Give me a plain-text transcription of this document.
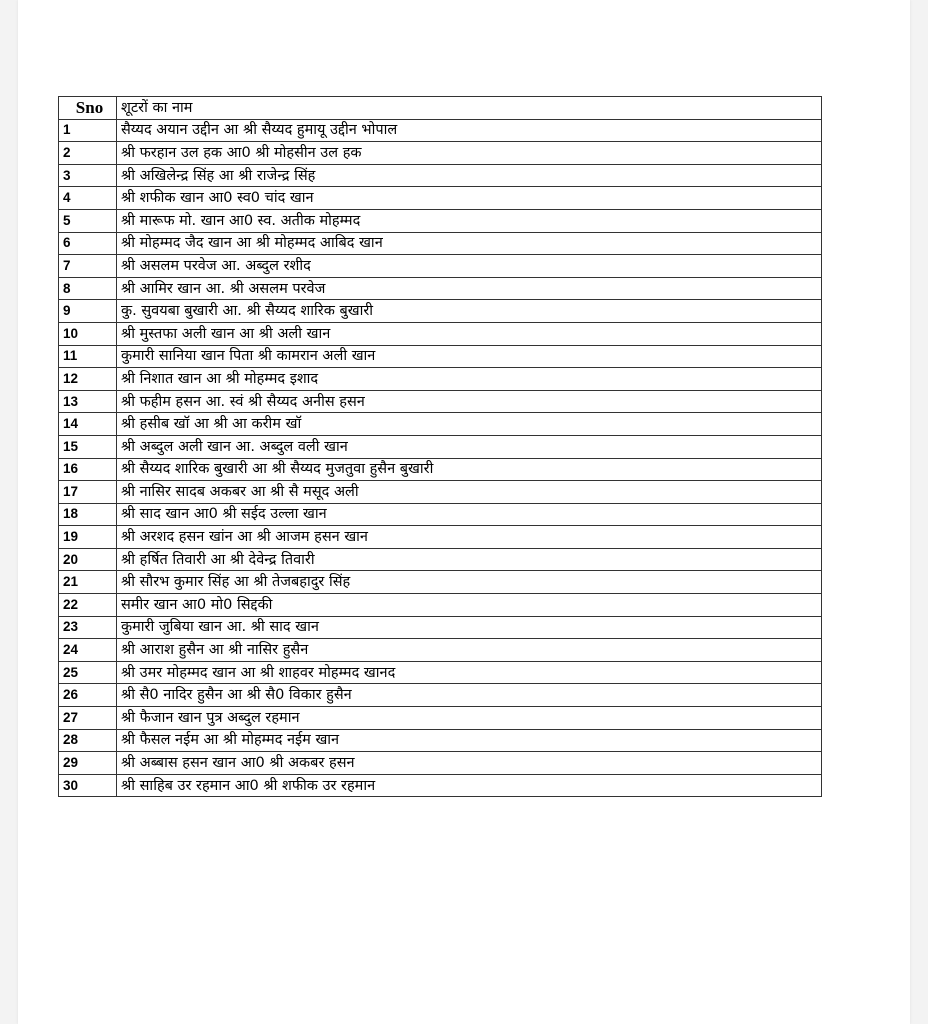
Sno	शूटरों का नाम
1	सैय्यद अयान उद्दीन आ श्री सैय्यद हुमायू उद्दीन भोपाल
2	श्री फरहान उल हक आ0 श्री मोहसीन उल हक
3	श्री अखिलेन्द्र सिंह आ श्री राजेन्द्र सिंह
4	श्री शफीक खान आ0 स्व0 चांद खान
5	श्री मारूफ मो. खान आ0 स्व. अतीक मोहम्मद
6	श्री मोहम्मद जैद खान आ श्री मोहम्मद आबिद खान
7	श्री असलम परवेज आ. अब्दुल रशीद
8	श्री आमिर खान आ. श्री असलम परवेज
9	कु. सुवयबा बुखारी आ. श्री सैय्यद शारिक बुखारी
10	श्री मुस्तफा अली खान आ श्री अली खान
11	कुमारी सानिया खान पिता श्री कामरान अली खान
12	श्री निशात खान आ श्री मोहम्मद इशाद
13	श्री फहीम हसन आ. स्वं श्री सैय्यद अनीस हसन
14	श्री हसीब खॉ आ श्री आ करीम खॉ
15	श्री अब्दुल अली खान आ. अब्दुल वली खान
16	श्री सैय्यद शारिक बुखारी आ श्री सैय्यद मुजतुवा हुसैन बुखारी
17	श्री नासिर सादब अकबर आ श्री सै मसूद अली
18	श्री साद खान आ0 श्री सईद उल्ला खान
19	श्री अरशद हसन खांन आ श्री आजम हसन खान
20	श्री हर्षित तिवारी आ श्री देवेन्द्र तिवारी
21	श्री सौरभ कुमार सिंह आ श्री तेजबहादुर सिंह
22	समीर खान आ0 मो0 सिद्दकी
23	कुमारी जुबिया खान आ. श्री साद खान
24	श्री आराश हुसैन आ श्री नासिर हुसैन
25	श्री उमर मोहम्मद खान आ श्री शाहवर मोहम्मद खानद
26	श्री सै0 नादिर हुसैन आ श्री सै0 विकार हुसैन
27	श्री फैजान खान पुत्र अब्दुल रहमान
28	श्री फैसल नईम आ श्री मोहम्मद नईम खान
29	श्री अब्बास हसन खान आ0 श्री अकबर हसन
30	श्री साहिब उर रहमान आ0 श्री शफीक उर रहमान
